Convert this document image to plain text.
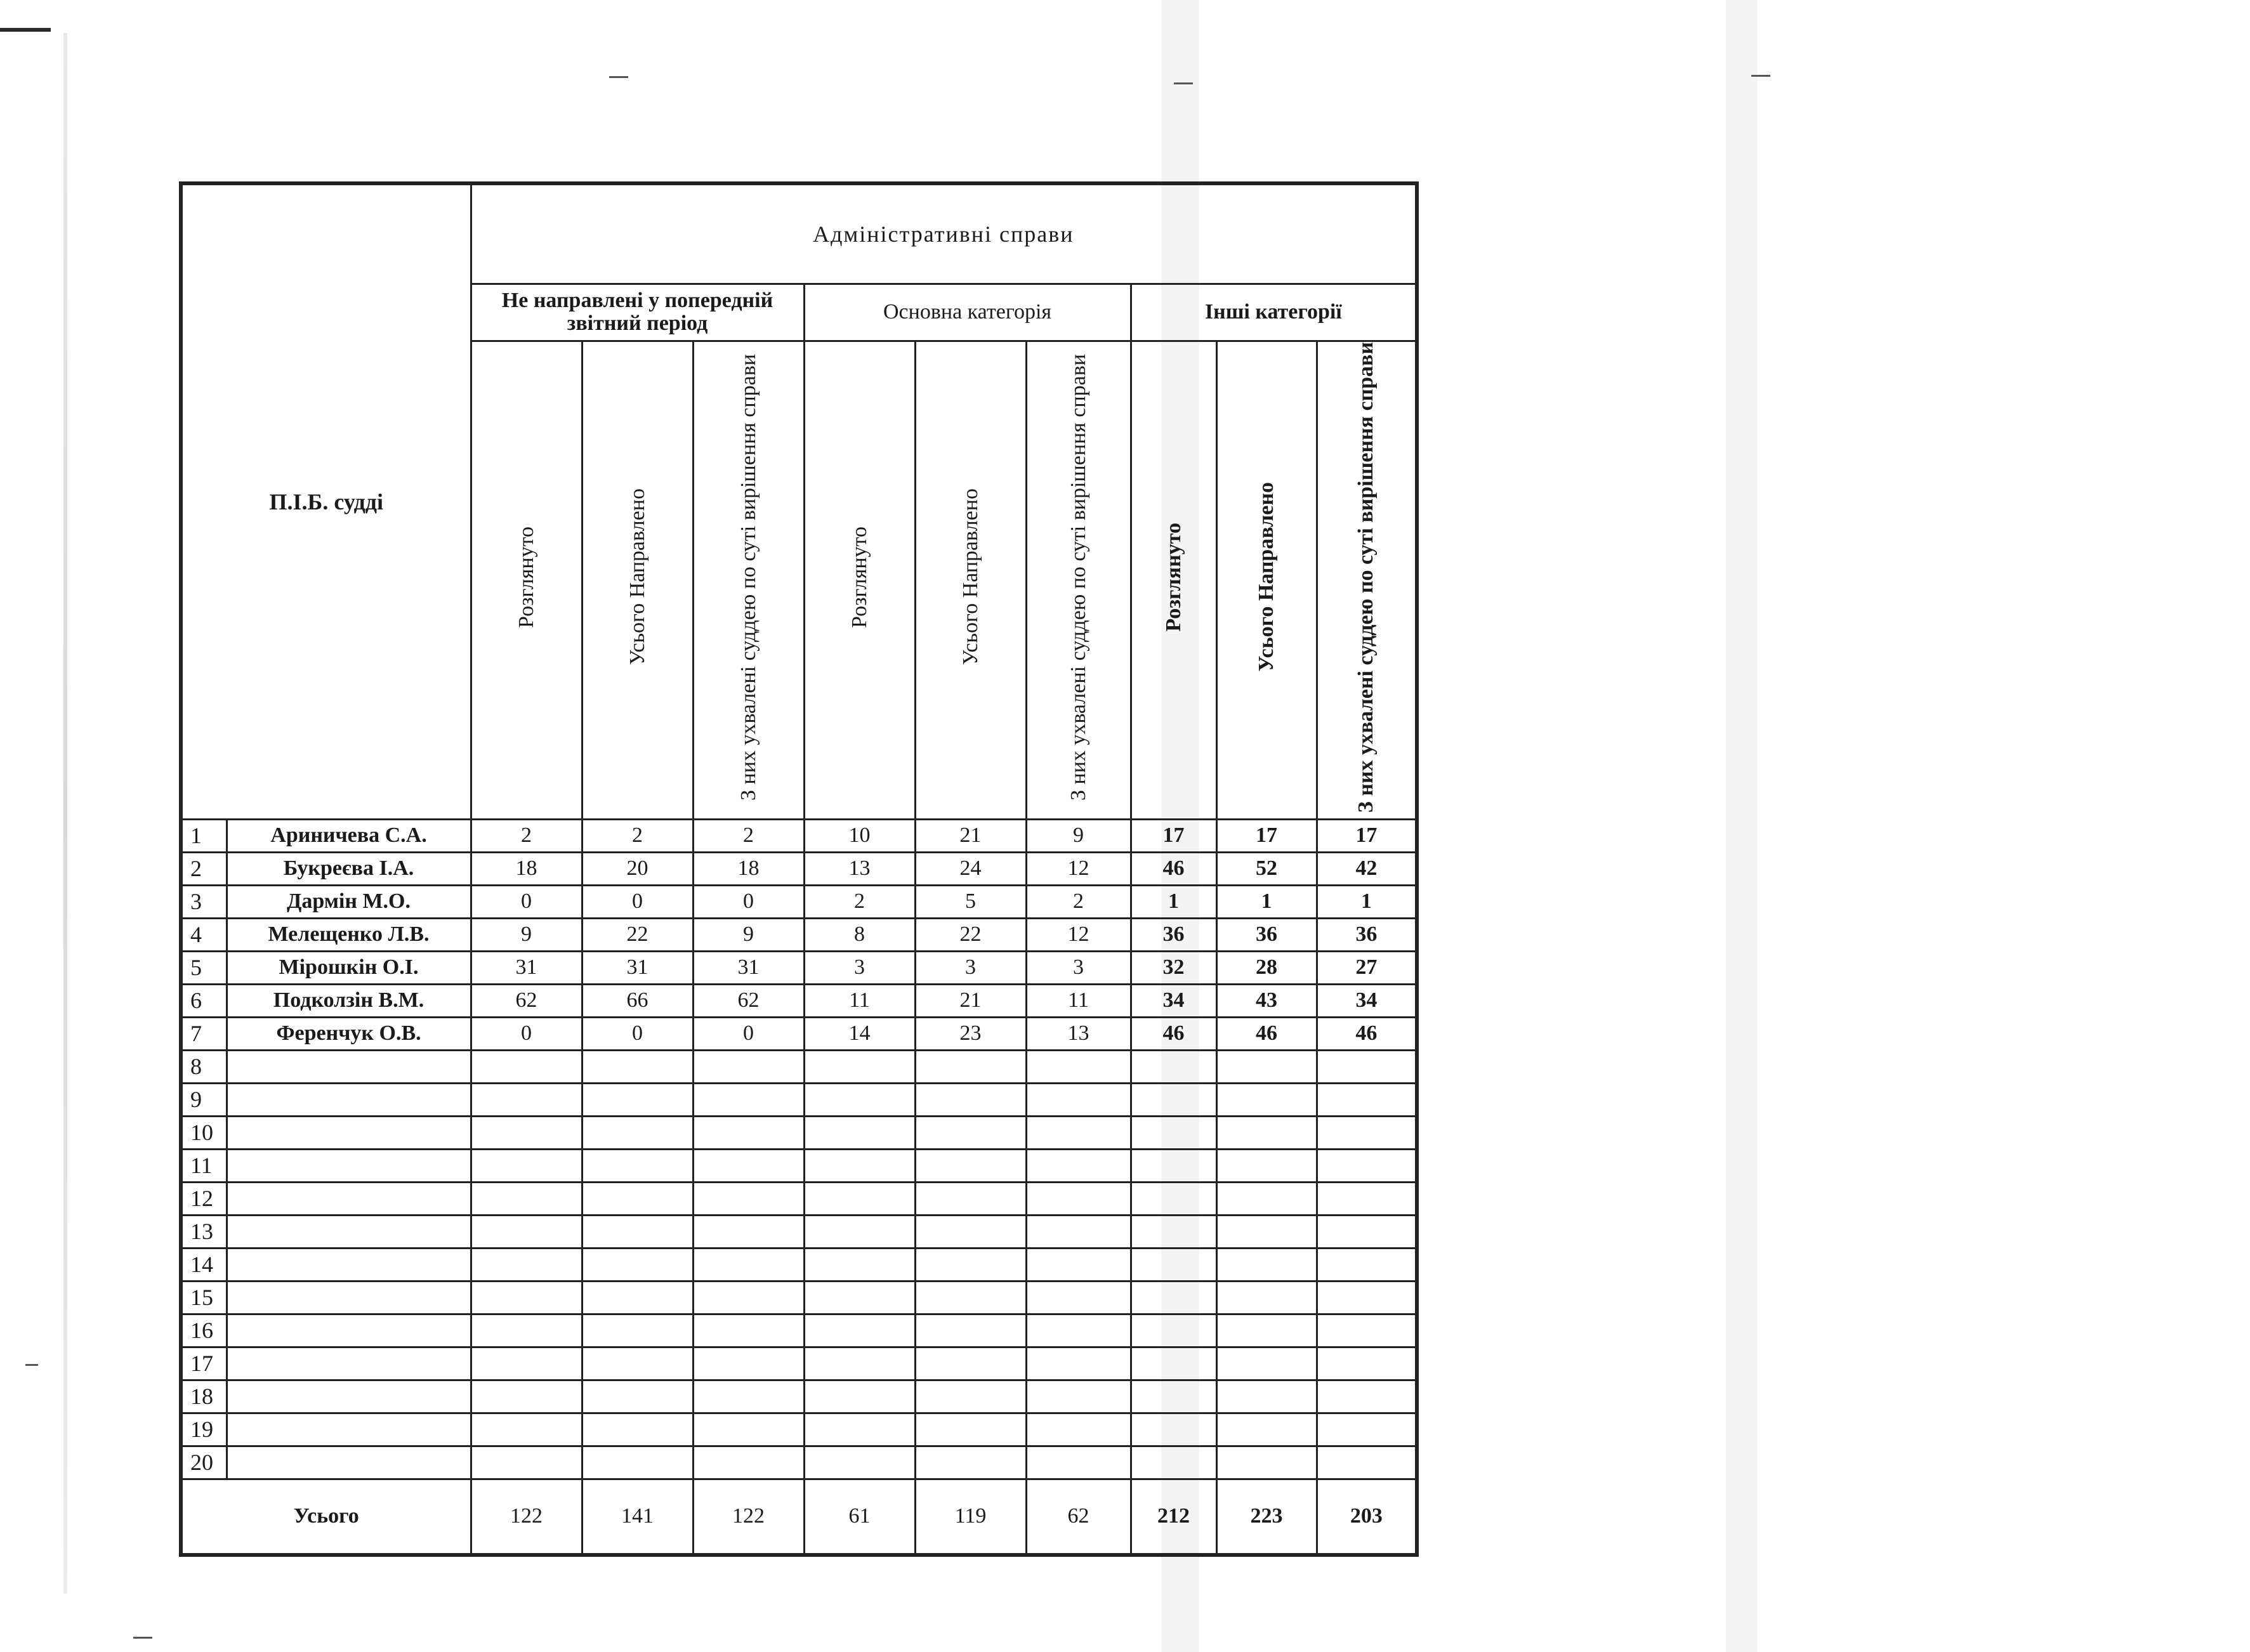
П.І.Б. судді		Адміністративні справи								
		Не направлені у попередній звітний період			Основна категорія			Інші категорії		
		Розглянуто	Усього Направлено	З них ухвалені суддею по суті вирішення справи	Розглянуто	Усього Направлено	З них ухвалені суддею по суті вирішення справи	Розглянуто	Усього Направлено	З них ухвалені суддею по суті вирішення справи
1	Ариничева С.А.	2	2	2	10	21	9	17	17	17
2	Букреєва І.А.	18	20	18	13	24	12	46	52	42
3	Дармін М.О.	0	0	0	2	5	2	1	1	1
4	Мелещенко Л.В.	9	22	9	8	22	12	36	36	36
5	Мірошкін О.І.	31	31	31	3	3	3	32	28	27
6	Подколзін В.М.	62	66	62	11	21	11	34	43	34
7	Ференчук О.В.	0	0	0	14	23	13	46	46	46
8										
9										
10										
11										
12										
13										
14										
15										
16										
17										
18										
19										
20										
Усього		122	141	122	61	119	62	212	223	203
